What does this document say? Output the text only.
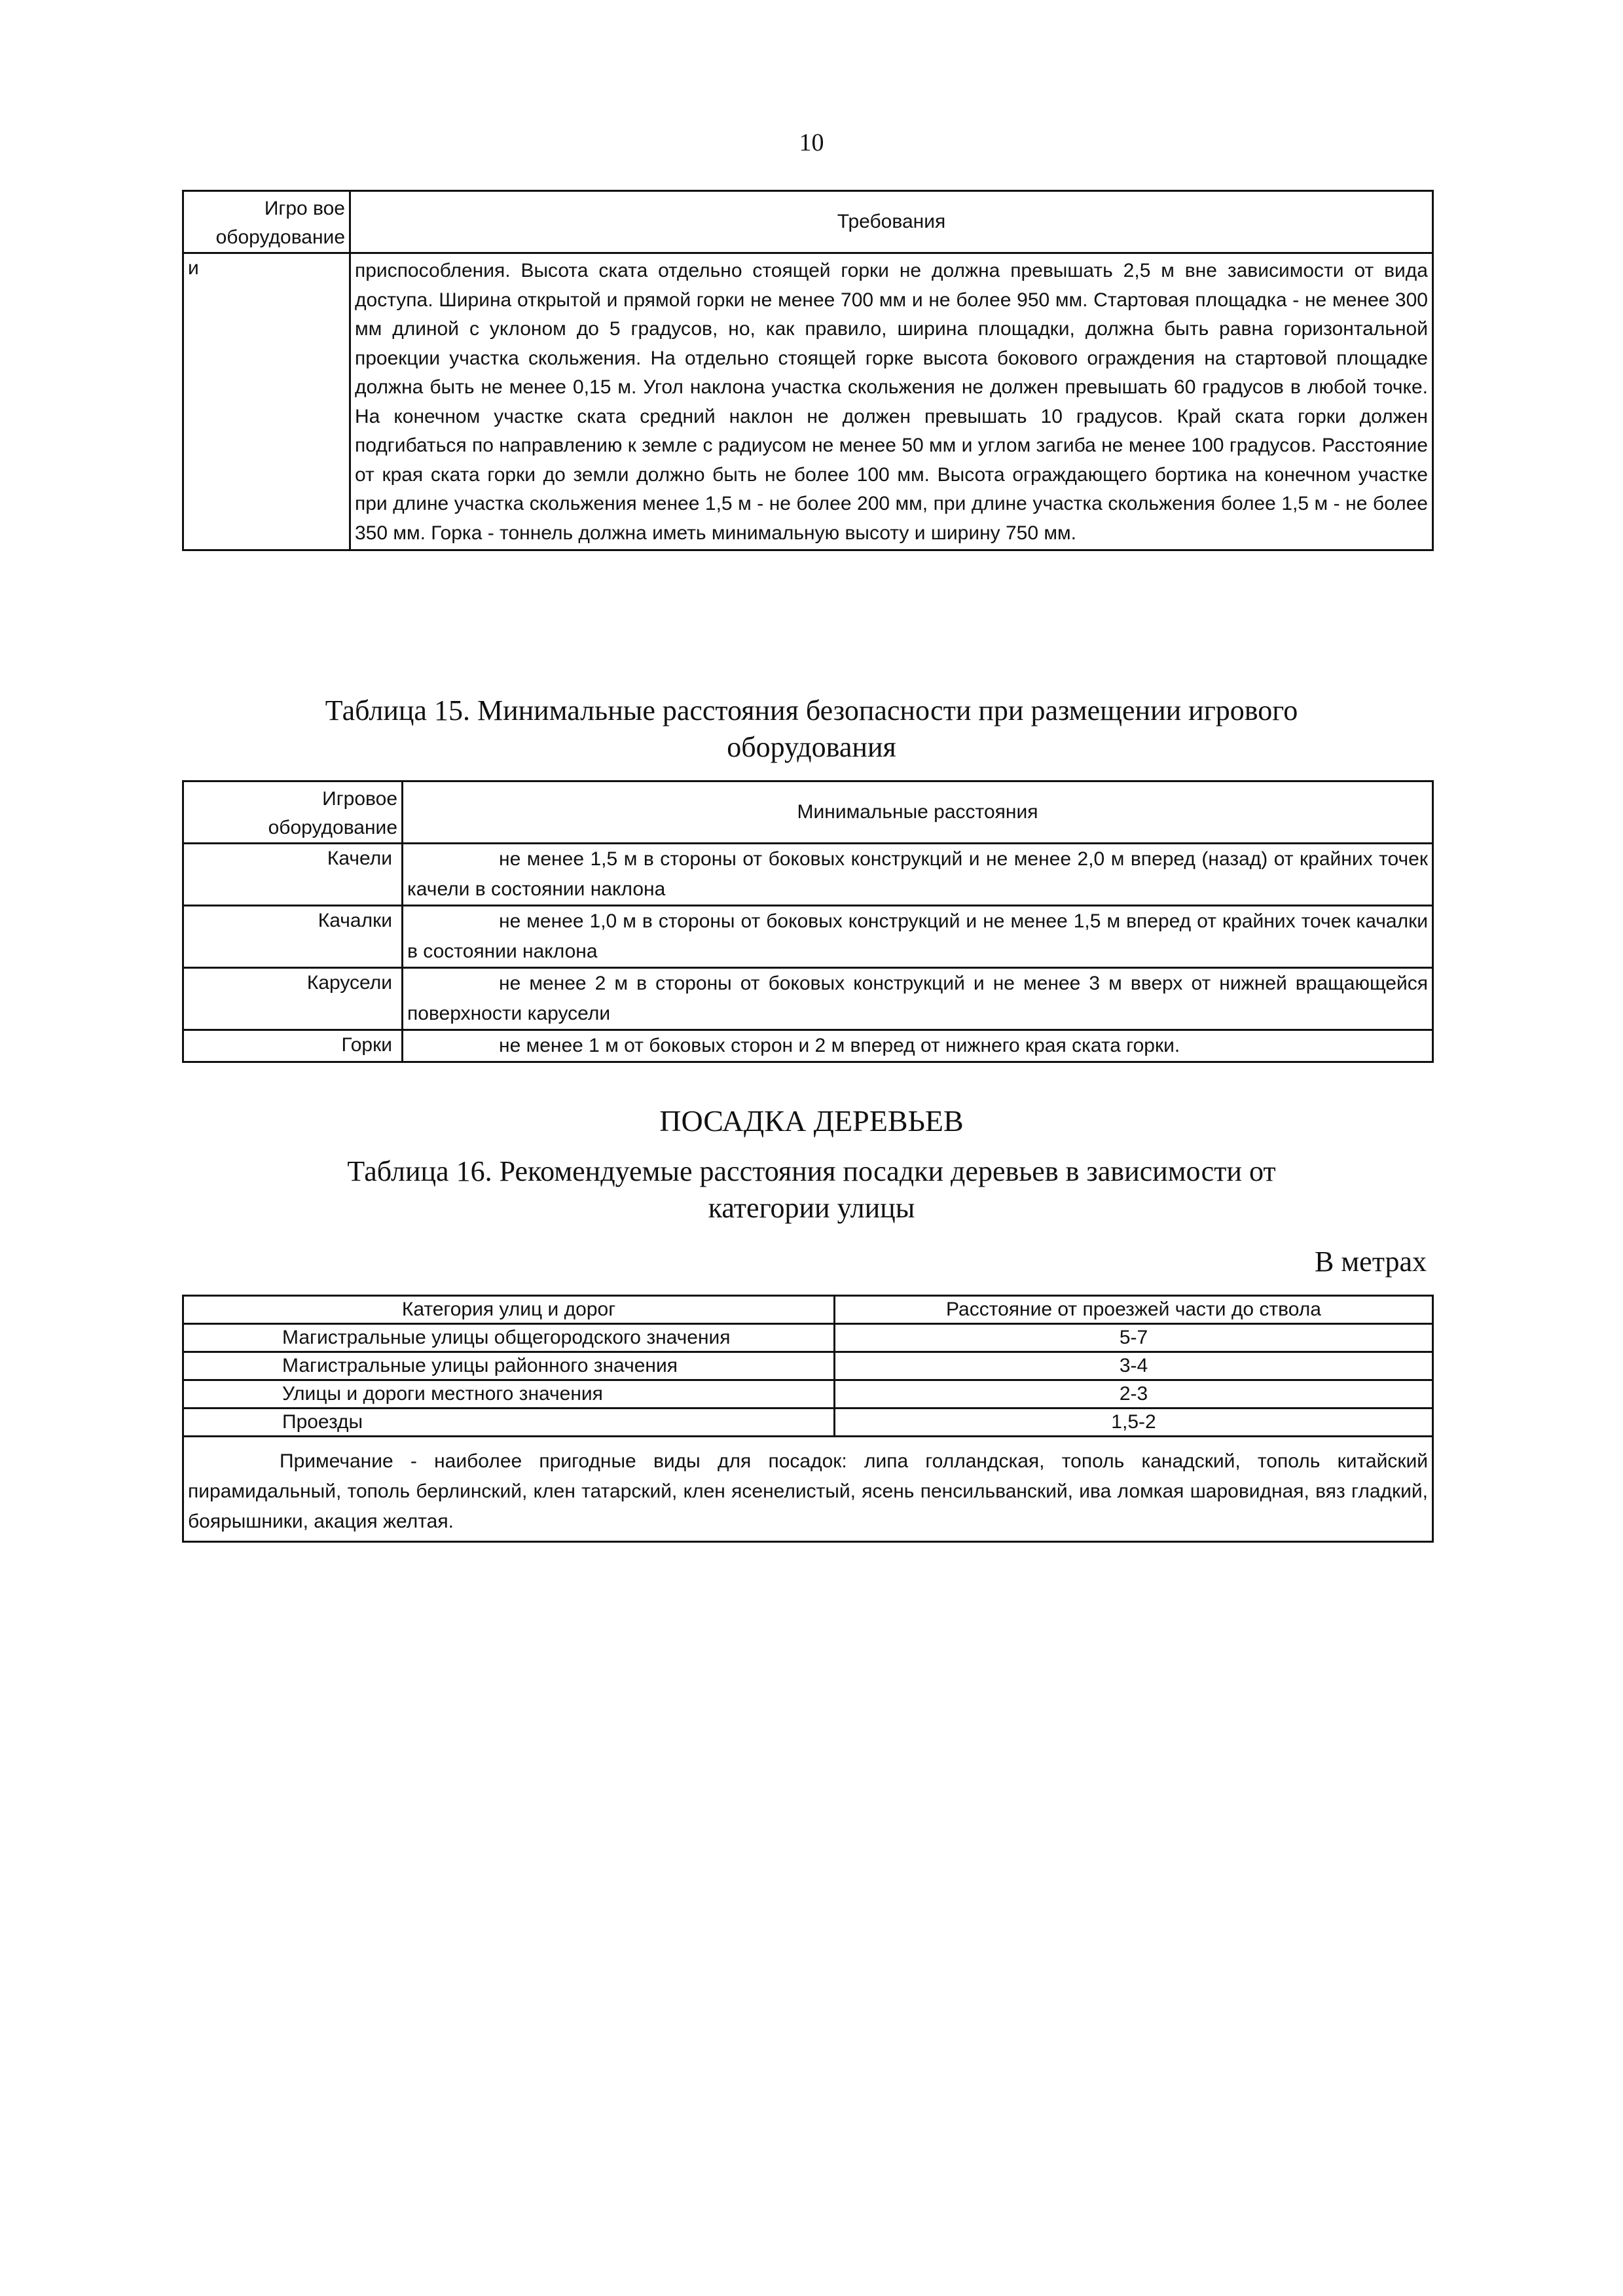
10
Игро вое оборудование	Требования
и	приспособления. Высота ската отдельно стоящей горки не должна превышать 2,5 м вне зависимости от вида доступа. Ширина открытой и прямой горки не менее 700 мм и не более 950 мм. Стартовая площадка - не менее 300 мм длиной с уклоном до 5 градусов, но, как правило, ширина площадки, должна быть равна горизонтальной проекции участка скольжения. На отдельно стоящей горке высота бокового ограждения на стартовой площадке должна быть не менее 0,15 м. Угол наклона участка скольжения не должен превышать 60 градусов в любой точке. На конечном участке ската средний наклон не должен превышать 10 градусов. Край ската горки должен подгибаться по направлению к земле с радиусом не менее 50 мм и углом загиба не менее 100 градусов. Расстояние от края ската горки до земли должно быть не более 100 мм. Высота ограждающего бортика на конечном участке при длине участка скольжения менее 1,5 м - не более 200 мм, при длине участка скольжения более 1,5 м - не более 350 мм. Горка - тоннель должна иметь минимальную высоту и ширину 750 мм.
Таблица 15. Минимальные расстояния безопасности при размещении игрового
оборудования
Игровое оборудование	Минимальные расстояния
Качели	не менее 1,5 м в стороны от боковых конструкций и не менее 2,0 м вперед (назад) от крайних точек качели в состоянии наклона
Качалки	не менее 1,0 м в стороны от боковых конструкций и не менее 1,5 м вперед от крайних точек качалки в состоянии наклона
Карусели	не менее 2 м в стороны от боковых конструкций и не менее 3 м вверх от нижней вращающейся поверхности карусели
Горки	не менее 1 м от боковых сторон и 2 м вперед от нижнего края ската горки.
ПОСАДКА ДЕРЕВЬЕВ
Таблица 16. Рекомендуемые расстояния посадки деревьев в зависимости от
категории улицы
В метрах
Категория улиц и дорог	Расстояние от проезжей части до ствола
Магистральные улицы общегородского значения	5-7
Магистральные улицы районного значения	3-4
Улицы и дороги местного значения	2-3
Проезды	1,5-2
Примечание - наиболее пригодные виды для посадок: липа голландская, тополь канадский, тополь китайский пирамидальный, тополь берлинский, клен татарский, клен ясенелистый, ясень пенсильванский, ива ломкая шаровидная, вяз гладкий, боярышники, акация желтая.	
